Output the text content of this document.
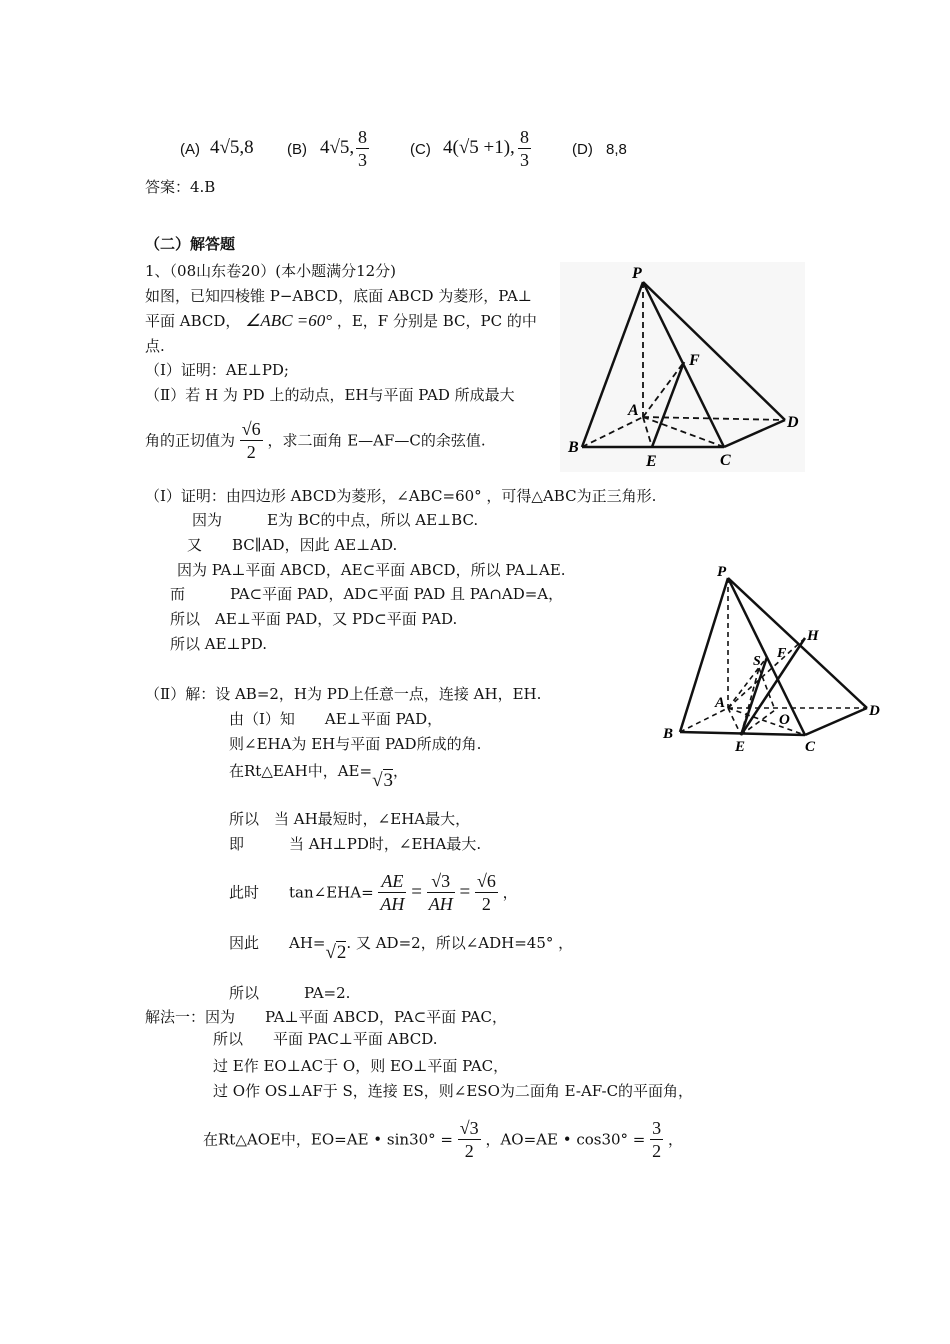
(A) 4√5,8 (B) 4√5, $\frac{8}{3}$	(C) 4(√5 +1), $\frac{8}{3}$	(D) 8,8
答案：4.B
（二）解答题
1、（08山东卷20）(本小题满分12分)
如图，已知四棱锥 P−ABCD，底面 ABCD 为菱形，PA⊥
平面 ABCD， ∠ABC =60° ，E，F 分别是 BC，PC 的中
点.
（Ⅰ）证明：AE⊥PD;
（Ⅱ）若 H 为 PD 上的动点，EH与平面 PAD 所成最大
角的正切值为 $\frac{√6}{2}$ ，求二面角 E—AF—C的余弦值.
P
F
A
B
C
D
E
（Ⅰ）证明：由四边形 ABCD为菱形，∠ABC=60° ，可得△ABC为正三角形.
因为　　　E为 BC的中点，所以 AE⊥BC.
又　　BC∥AD，因此 AE⊥AD.
因为 PA⊥平面 ABCD，AE⊂平面 ABCD，所以 PA⊥AE.
而　　　PA⊂平面 PAD，AD⊂平面 PAD 且 PA∩AD=A，
所以　AE⊥平面 PAD，又 PD⊂平面 PAD.
所以 AE⊥PD.
P
H
S
F
A
O
B
C
D
E
（Ⅱ）解：设 AB=2，H为 PD上任意一点，连接 AH，EH.
由（Ⅰ）知　　AE⊥平面 PAD，
则∠EHA为 EH与平面 PAD所成的角.
在Rt△EAH中，AE=√3，
所以　当 AH最短时，∠EHA最大，
即　　　当 AH⊥PD时，∠EHA最大.
此时　　tan∠EHA= $\frac{AE}{AH} = \frac{√3}{AH} = \frac{√6}{2}$ ，
因此　　AH=√2. 又 AD=2，所以∠ADH=45° ，
所以　　　PA=2.
解法一：因为　　PA⊥平面 ABCD，PA⊂平面 PAC，
所以　　平面 PAC⊥平面 ABCD.
过 E作 EO⊥AC于 O，则 EO⊥平面 PAC，
过 O作 OS⊥AF于 S，连接 ES，则∠ESO为二面角 E-AF-C的平面角，
在Rt△AOE中，EO=AE • $\sin 30^\circ = \frac{√3}{2}$ ，AO=AE • $\cos 30^\circ = \frac{3}{2}$ ，
